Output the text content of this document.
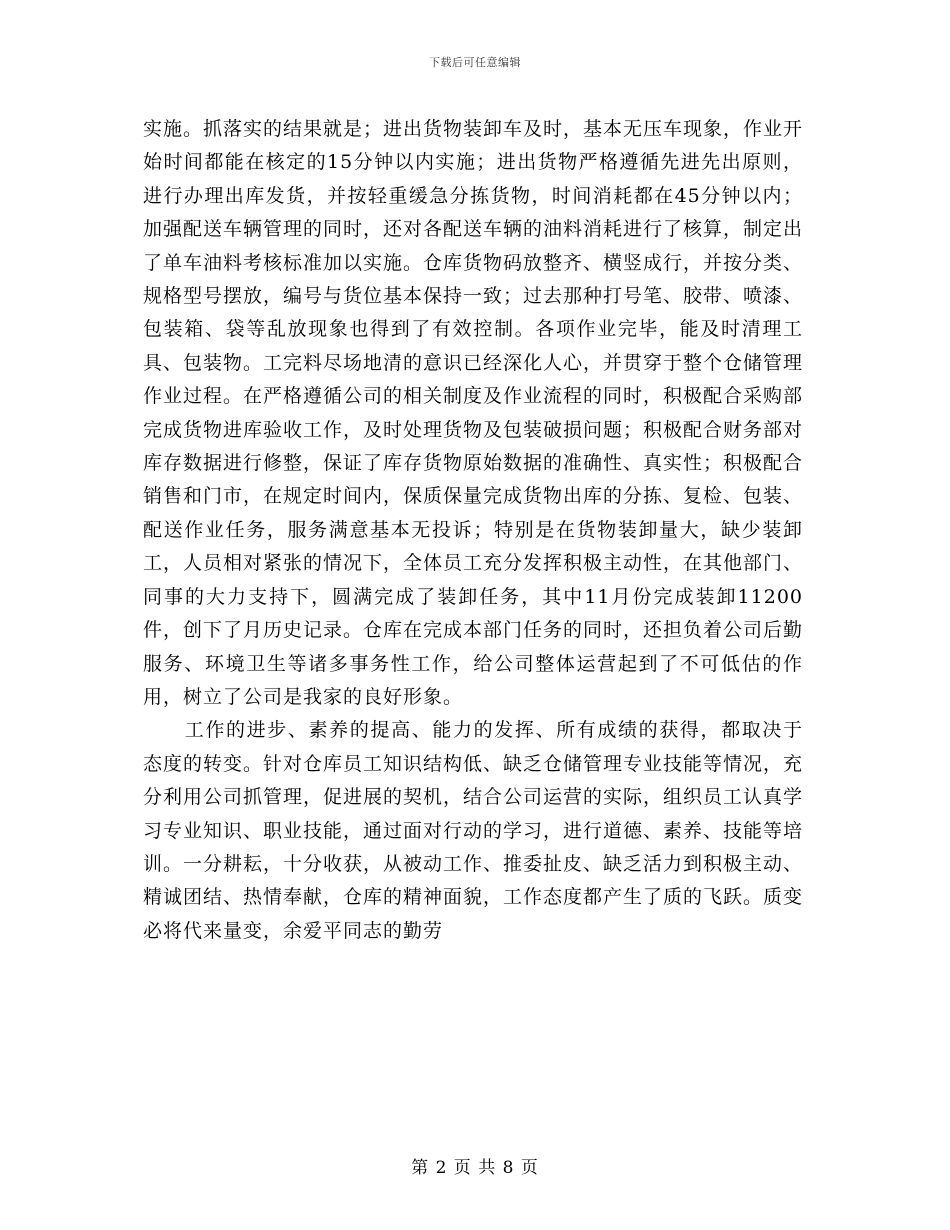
下载后可任意编辑

实施。抓落实的结果就是；进出货物装卸车及时，基本无压车现象，作业开始时间都能在核定的15分钟以内实施；进出货物严格遵循先进先出原则，进行办理出库发货，并按轻重缓急分拣货物，时间消耗都在45分钟以内；加强配送车辆管理的同时，还对各配送车辆的油料消耗进行了核算，制定出了单车油料考核标准加以实施。仓库货物码放整齐、横竖成行，并按分类、规格型号摆放，编号与货位基本保持一致；过去那种打号笔、胶带、喷漆、包装箱、袋等乱放现象也得到了有效控制。各项作业完毕，能及时清理工具、包装物。工完料尽场地清的意识已经深化人心，并贯穿于整个仓储管理作业过程。在严格遵循公司的相关制度及作业流程的同时，积极配合采购部完成货物进库验收工作，及时处理货物及包装破损问题；积极配合财务部对库存数据进行修整，保证了库存货物原始数据的准确性、真实性；积极配合销售和门市，在规定时间内，保质保量完成货物出库的分拣、复检、包装、配送作业任务，服务满意基本无投诉；特别是在货物装卸量大，缺少装卸工，人员相对紧张的情况下，全体员工充分发挥积极主动性，在其他部门、同事的大力支持下，圆满完成了装卸任务，其中11月份完成装卸11200件，创下了月历史记录。仓库在完成本部门任务的同时，还担负着公司后勤服务、环境卫生等诸多事务性工作，给公司整体运营起到了不可低估的作用，树立了公司是我家的良好形象。

工作的进步、素养的提高、能力的发挥、所有成绩的获得，都取决于态度的转变。针对仓库员工知识结构低、缺乏仓储管理专业技能等情况，充分利用公司抓管理，促进展的契机，结合公司运营的实际，组织员工认真学习专业知识、职业技能，通过面对行动的学习，进行道德、素养、技能等培训。一分耕耘，十分收获，从被动工作、推委扯皮、缺乏活力到积极主动、精诚团结、热情奉献，仓库的精神面貌，工作态度都产生了质的飞跃。质变必将代来量变，余爱平同志的勤劳

第 2 页 共 8 页
